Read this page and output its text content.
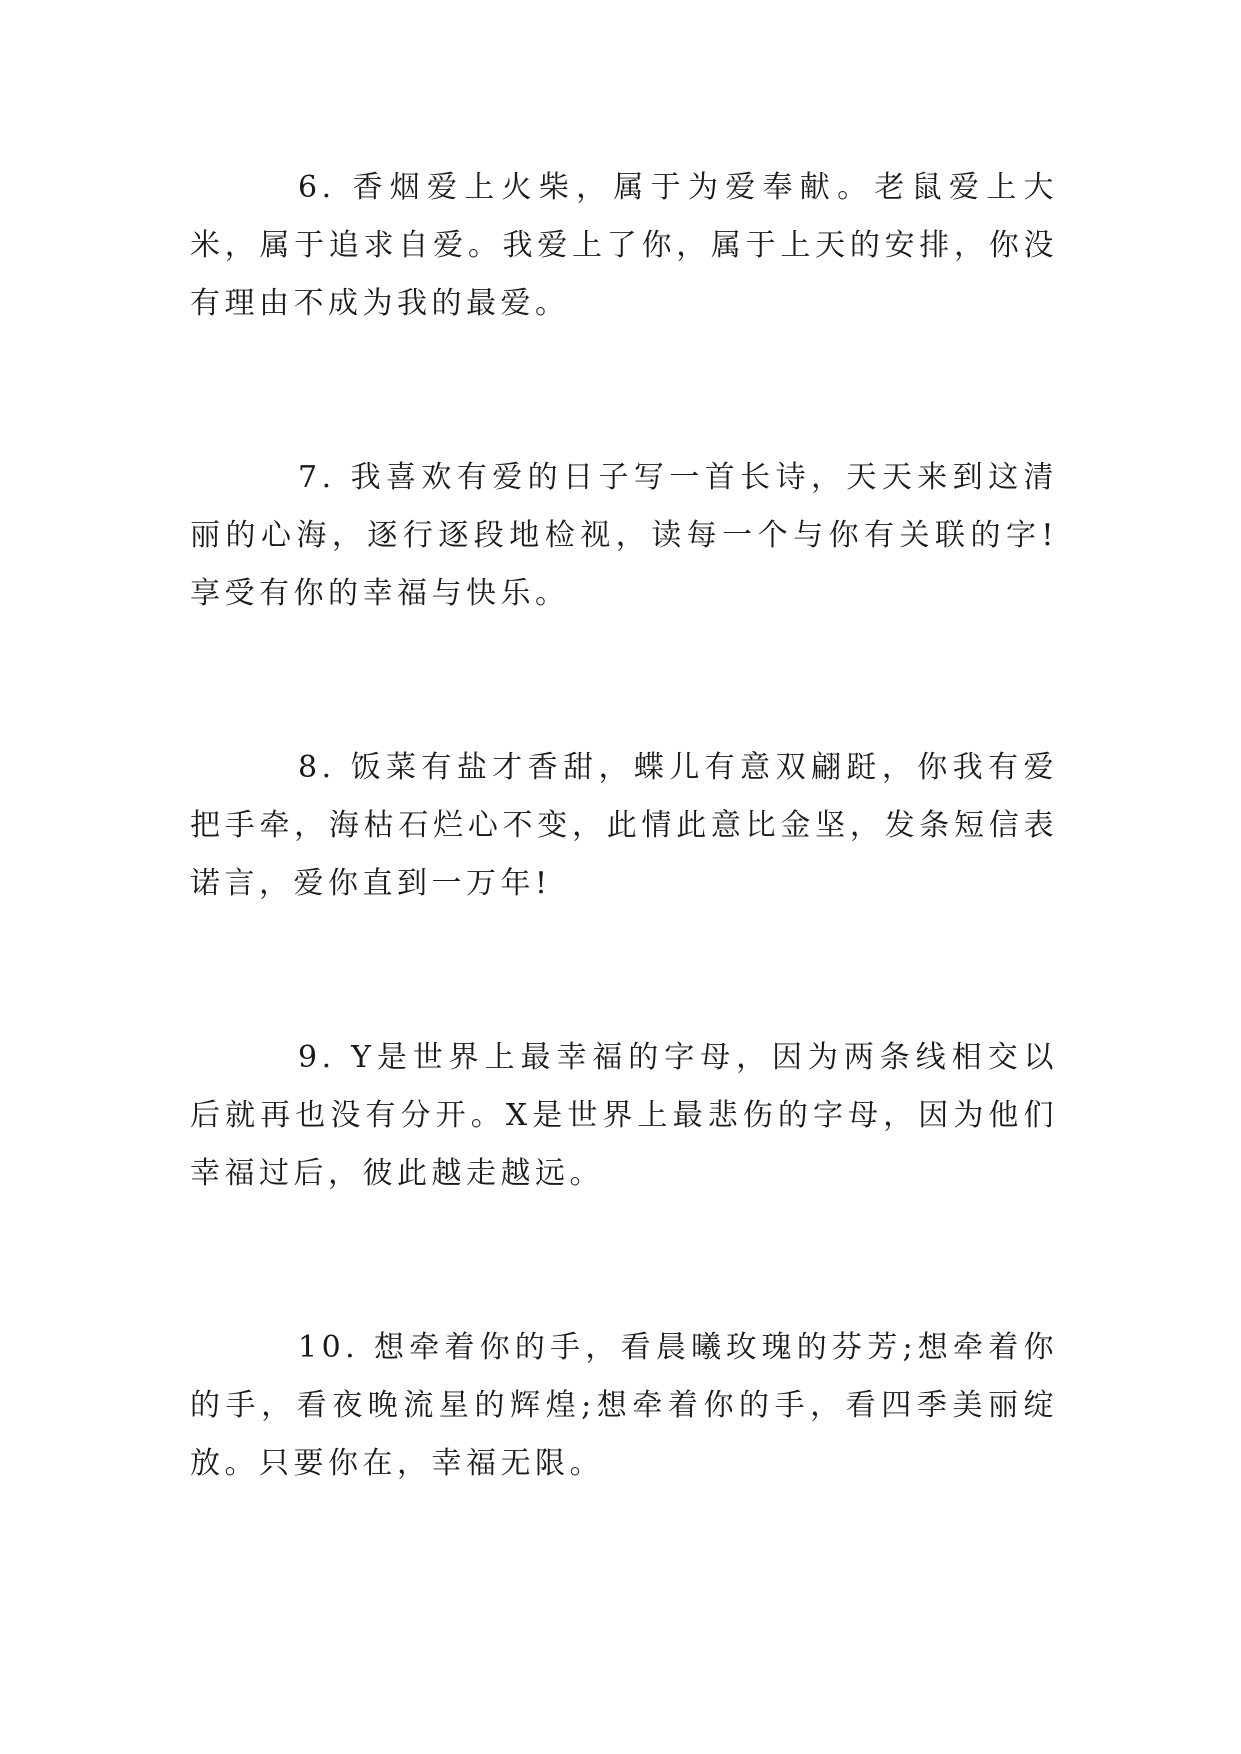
6. 香烟爱上火柴，属于为爱奉献。老鼠爱上大米，属于追求自爱。我爱上了你，属于上天的安排，你没有理由不成为我的最爱。

7. 我喜欢有爱的日子写一首长诗，天天来到这清丽的心海，逐行逐段地检视，读每一个与你有关联的字!享受有你的幸福与快乐。

8. 饭菜有盐才香甜，蝶儿有意双翩跹，你我有爱把手牵，海枯石烂心不变，此情此意比金坚，发条短信表诺言，爱你直到一万年!

9. Y是世界上最幸福的字母，因为两条线相交以后就再也没有分开。X是世界上最悲伤的字母，因为他们幸福过后，彼此越走越远。

10. 想牵着你的手，看晨曦玫瑰的芬芳;想牵着你的手，看夜晚流星的辉煌;想牵着你的手，看四季美丽绽放。只要你在，幸福无限。
